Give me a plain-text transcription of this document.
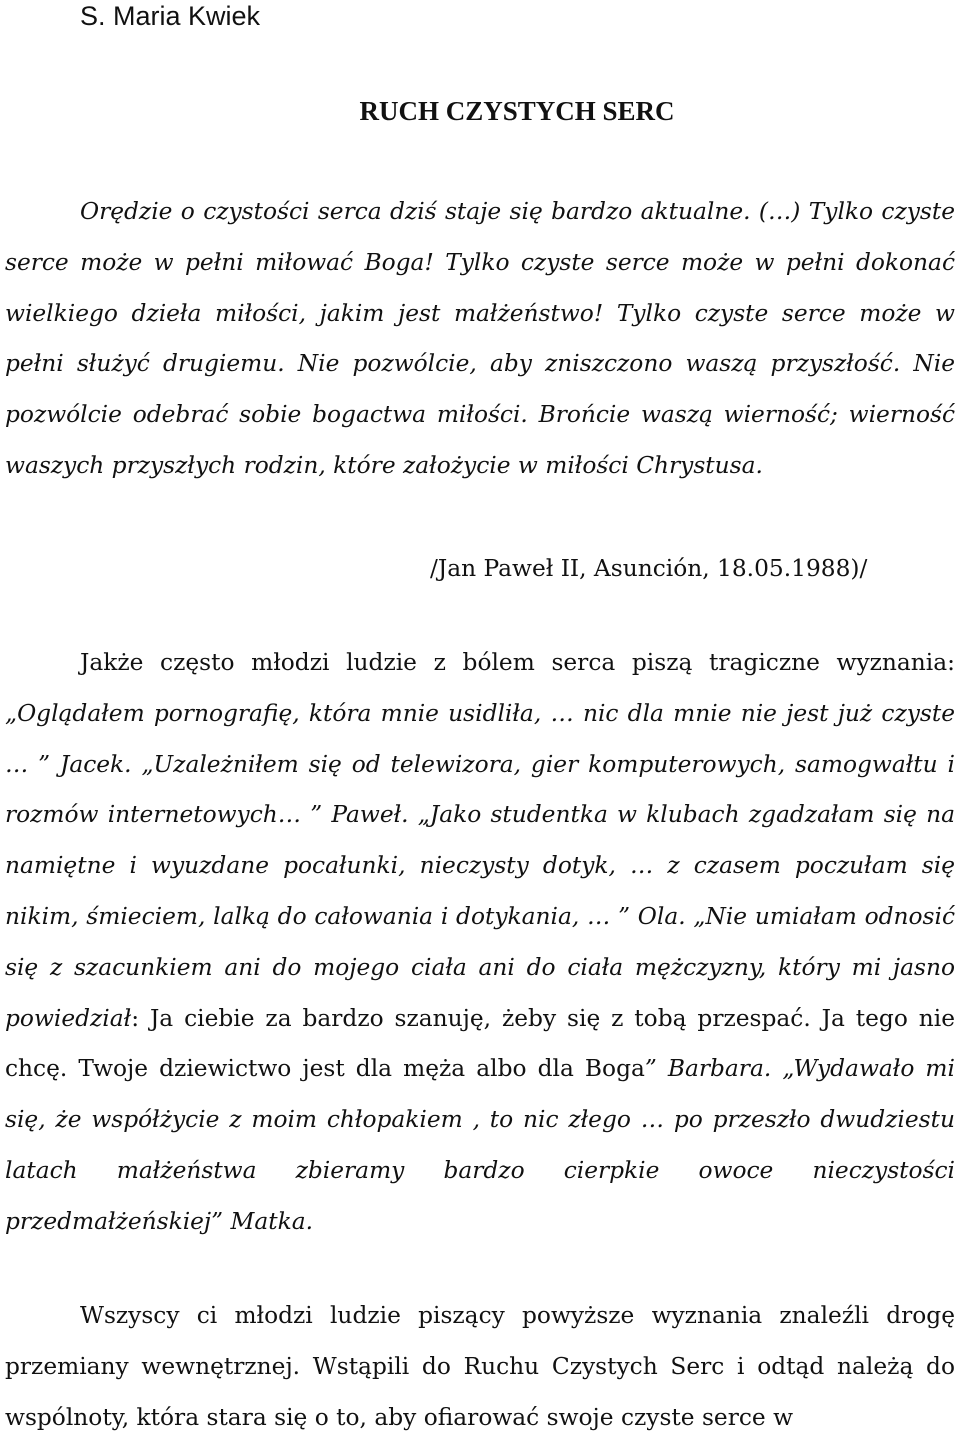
S. Maria Kwiek

RUCH CZYSTYCH SERC

Orędzie o czystości serca dziś staje się bardzo aktualne. (…) Tylko czyste serce może w pełni miłować Boga! Tylko czyste serce może w pełni dokonać wielkiego dzieła miłości, jakim jest małżeństwo! Tylko czyste serce może w pełni służyć drugiemu. Nie pozwólcie, aby zniszczono waszą przyszłość. Nie pozwólcie odebrać sobie bogactwa miłości. Brońcie waszą wierność; wierność waszych przyszłych rodzin, które założycie w miłości Chrystusa.

/Jan Paweł II, Asunción, 18.05.1988)/

Jakże często młodzi ludzie z bólem serca piszą tragiczne wyznania: „Oglądałem pornografię, która mnie usidliła, … nic dla mnie nie jest już czyste … ” Jacek. „Uzależniłem się od telewizora, gier komputerowych, samogwałtu i rozmów internetowych… ” Paweł. „Jako studentka w klubach zgadzałam się na namiętne i wyuzdane pocałunki, nieczysty dotyk, … z czasem poczułam się nikim, śmieciem, lalką do całowania i dotykania, … ” Ola. „Nie umiałam odnosić się z szacunkiem ani do mojego ciała ani do ciała mężczyzny, który mi jasno powiedział: Ja ciebie za bardzo szanuję, żeby się z tobą przespać. Ja tego nie chcę. Twoje dziewictwo jest dla męża albo dla Boga” Barbara. „Wydawało mi się, że współżycie z moim chłopakiem , to nic złego … po przeszło dwudziestu latach małżeństwa zbieramy bardzo cierpkie owoce nieczystości przedmałżeńskiej” Matka.

Wszyscy ci młodzi ludzie piszący powyższe wyznania znaleźli drogę przemiany wewnętrznej. Wstąpili do Ruchu Czystych Serc i odtąd należą do wspólnoty, która stara się o to, aby ofiarować swoje czyste serce w
